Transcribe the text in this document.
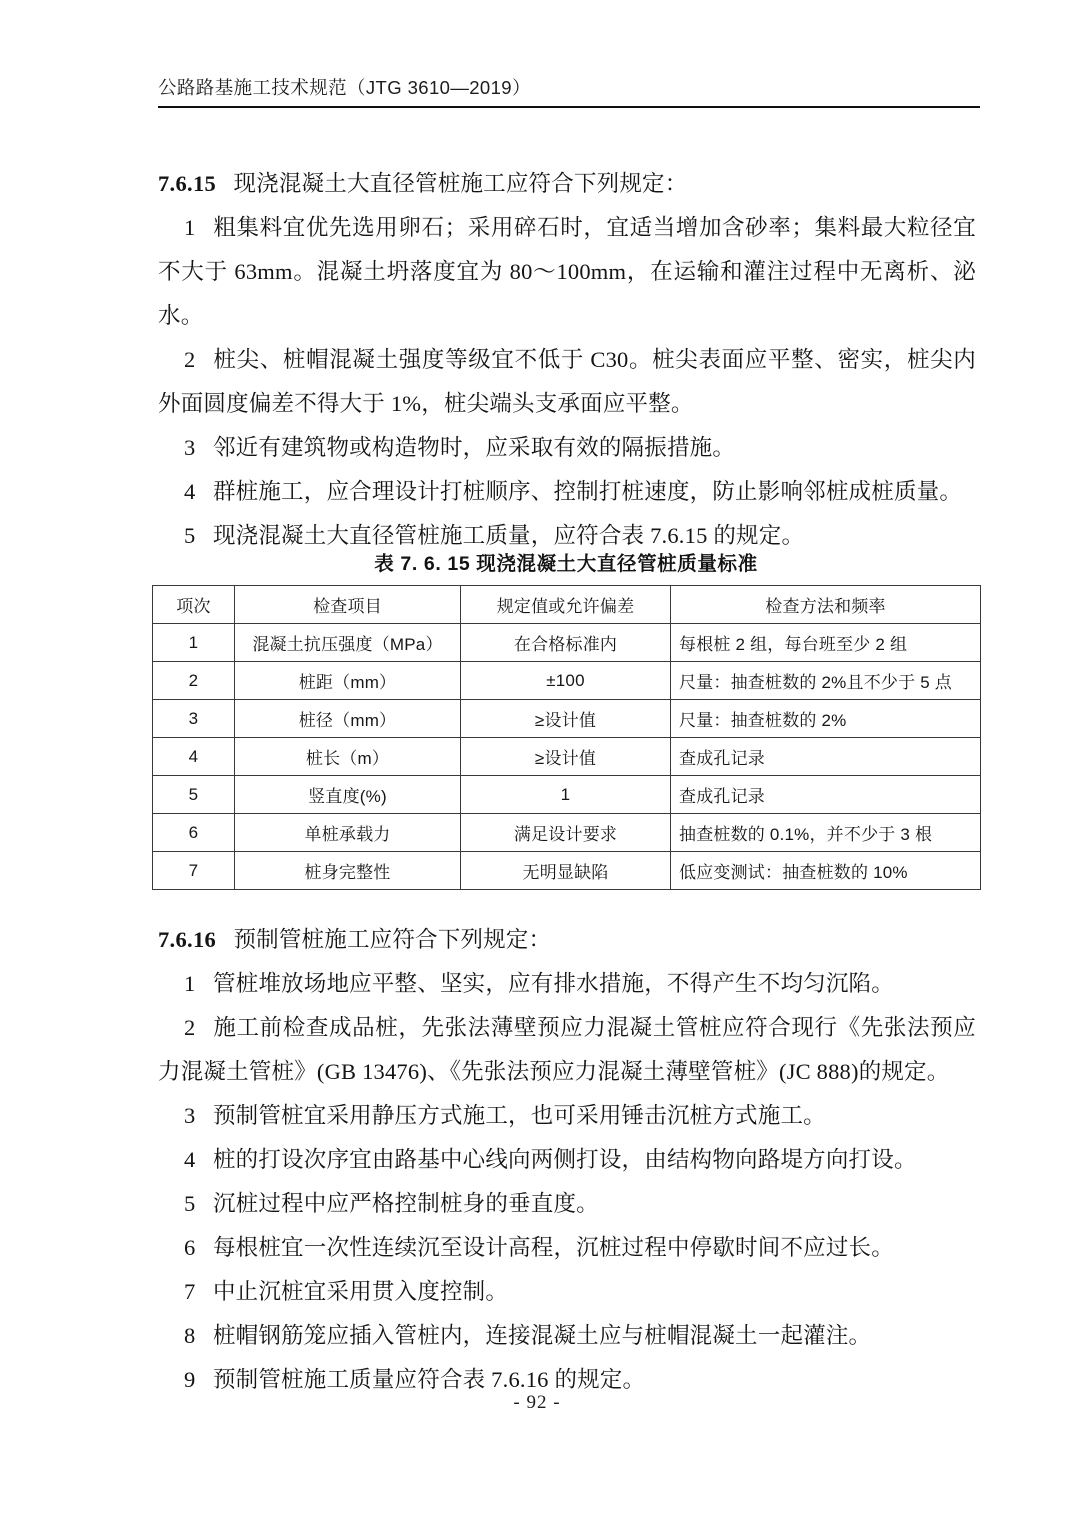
公路路基施工技术规范（JTG 3610—2019）

7.6.15  现浇混凝土大直径管桩施工应符合下列规定：

1  粗集料宜优先选用卵石；采用碎石时，宜适当增加含砂率；集料最大粒径宜不大于 63mm。混凝土坍落度宜为 80～100mm，在运输和灌注过程中无离析、泌水。

2  桩尖、桩帽混凝土强度等级宜不低于 C30。桩尖表面应平整、密实，桩尖内外面圆度偏差不得大于 1%，桩尖端头支承面应平整。

3  邻近有建筑物或构造物时，应采取有效的隔振措施。

4  群桩施工，应合理设计打桩顺序、控制打桩速度，防止影响邻桩成桩质量。

5  现浇混凝土大直径管桩施工质量，应符合表 7.6.15 的规定。

表 7. 6. 15 现浇混凝土大直径管桩质量标准
项次	检查项目	规定值或允许偏差	检查方法和频率
1	混凝土抗压强度（MPa）	在合格标准内	每根桩 2 组，每台班至少 2 组
2	桩距（mm）	±100	尺量：抽查桩数的 2%且不少于 5 点
3	桩径（mm）	≥设计值	尺量：抽查桩数的 2%
4	桩长（m）	≥设计值	查成孔记录
5	竖直度(%)	1	查成孔记录
6	单桩承载力	满足设计要求	抽查桩数的 0.1%，并不少于 3 根
7	桩身完整性	无明显缺陷	低应变测试：抽查桩数的 10%

7.6.16  预制管桩施工应符合下列规定：

1  管桩堆放场地应平整、坚实，应有排水措施，不得产生不均匀沉陷。

2  施工前检查成品桩，先张法薄壁预应力混凝土管桩应符合现行《先张法预应力混凝土管桩》(GB 13476)、《先张法预应力混凝土薄壁管桩》(JC 888)的规定。

3  预制管桩宜采用静压方式施工，也可采用锤击沉桩方式施工。

4  桩的打设次序宜由路基中心线向两侧打设，由结构物向路堤方向打设。

5  沉桩过程中应严格控制桩身的垂直度。

6  每根桩宜一次性连续沉至设计高程，沉桩过程中停歇时间不应过长。

7  中止沉桩宜采用贯入度控制。

8  桩帽钢筋笼应插入管桩内，连接混凝土应与桩帽混凝土一起灌注。

9  预制管桩施工质量应符合表 7.6.16 的规定。

- 92 -
